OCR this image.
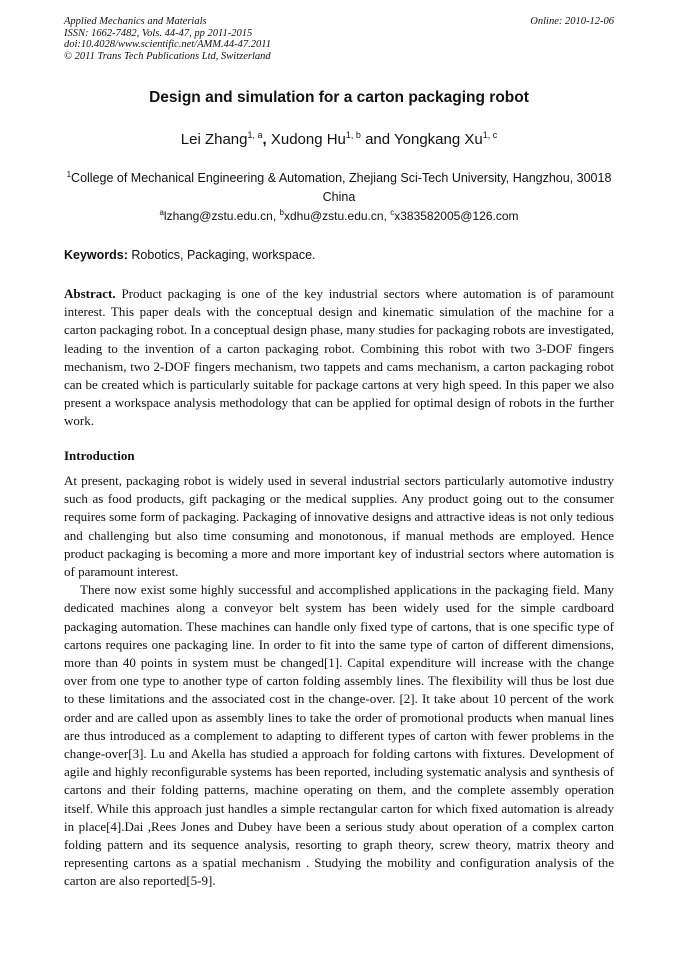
Applied Mechanics and Materials
ISSN: 1662-7482, Vols. 44-47, pp 2011-2015
doi:10.4028/www.scientific.net/AMM.44-47.2011
© 2011 Trans Tech Publications Ltd, Switzerland
Online: 2010-12-06
Design and simulation for a carton packaging robot
Lei Zhang$^{1, a}$, Xudong Hu$^{1, b}$ and Yongkang Xu$^{1, c}$
$^1$College of Mechanical Engineering & Automation, Zhejiang Sci-Tech University, Hangzhou, 30018
China
$^a$lzhang@zstu.edu.cn, $^b$xdhu@zstu.edu.cn, $^c$x383582005@126.com
Keywords: Robotics, Packaging, workspace.

Abstract. Product packaging is one of the key industrial sectors where automation is of paramount interest. This paper deals with the conceptual design and kinematic simulation of the machine for a carton packaging robot. In a conceptual design phase, many studies for packaging robots are investigated, leading to the invention of a carton packaging robot. Combining this robot with two 3-DOF fingers mechanism, two 2-DOF fingers mechanism, two tappets and cams mechanism, a carton packaging robot can be created which is particularly suitable for package cartons at very high speed. In this paper we also present a workspace analysis methodology that can be applied for optimal design of robots in the further work.

Introduction

At present, packaging robot is widely used in several industrial sectors particularly automotive industry such as food products, gift packaging or the medical supplies. Any product going out to the consumer requires some form of packaging. Packaging of innovative designs and attractive ideas is not only tedious and challenging but also time consuming and monotonous, if manual methods are employed. Hence product packaging is becoming a more and more important key of industrial sectors where automation is of paramount interest.

There now exist some highly successful and accomplished applications in the packaging field. Many dedicated machines along a conveyor belt system has been widely used for the simple cardboard packaging automation. These machines can handle only fixed type of cartons, that is one specific type of cartons requires one packaging line. In order to fit into the same type of carton of different dimensions, more than 40 points in system must be changed[1]. Capital expenditure will increase with the change over from one type to another type of carton folding assembly lines. The flexibility will thus be lost due to these limitations and the associated cost in the change-over. [2]. It take about 10 percent of the work order and are called upon as assembly lines to take the order of promotional products when manual lines are thus introduced as a complement to adapting to different types of carton with fewer problems in the change-over[3]. Lu and Akella has studied a approach for folding cartons with fixtures. Development of agile and highly reconfigurable systems has been reported, including systematic analysis and synthesis of cartons and their folding patterns, machine operating on them, and the complete assembly operation itself. While this approach just handles a simple rectangular carton for which fixed automation is already in place[4].Dai ,Rees Jones and Dubey have been a serious study about operation of a complex carton folding pattern and its sequence analysis, resorting to graph theory, screw theory, matrix theory and representing cartons as a spatial mechanism . Studying the mobility and configuration analysis of the carton are also reported[5-9].
